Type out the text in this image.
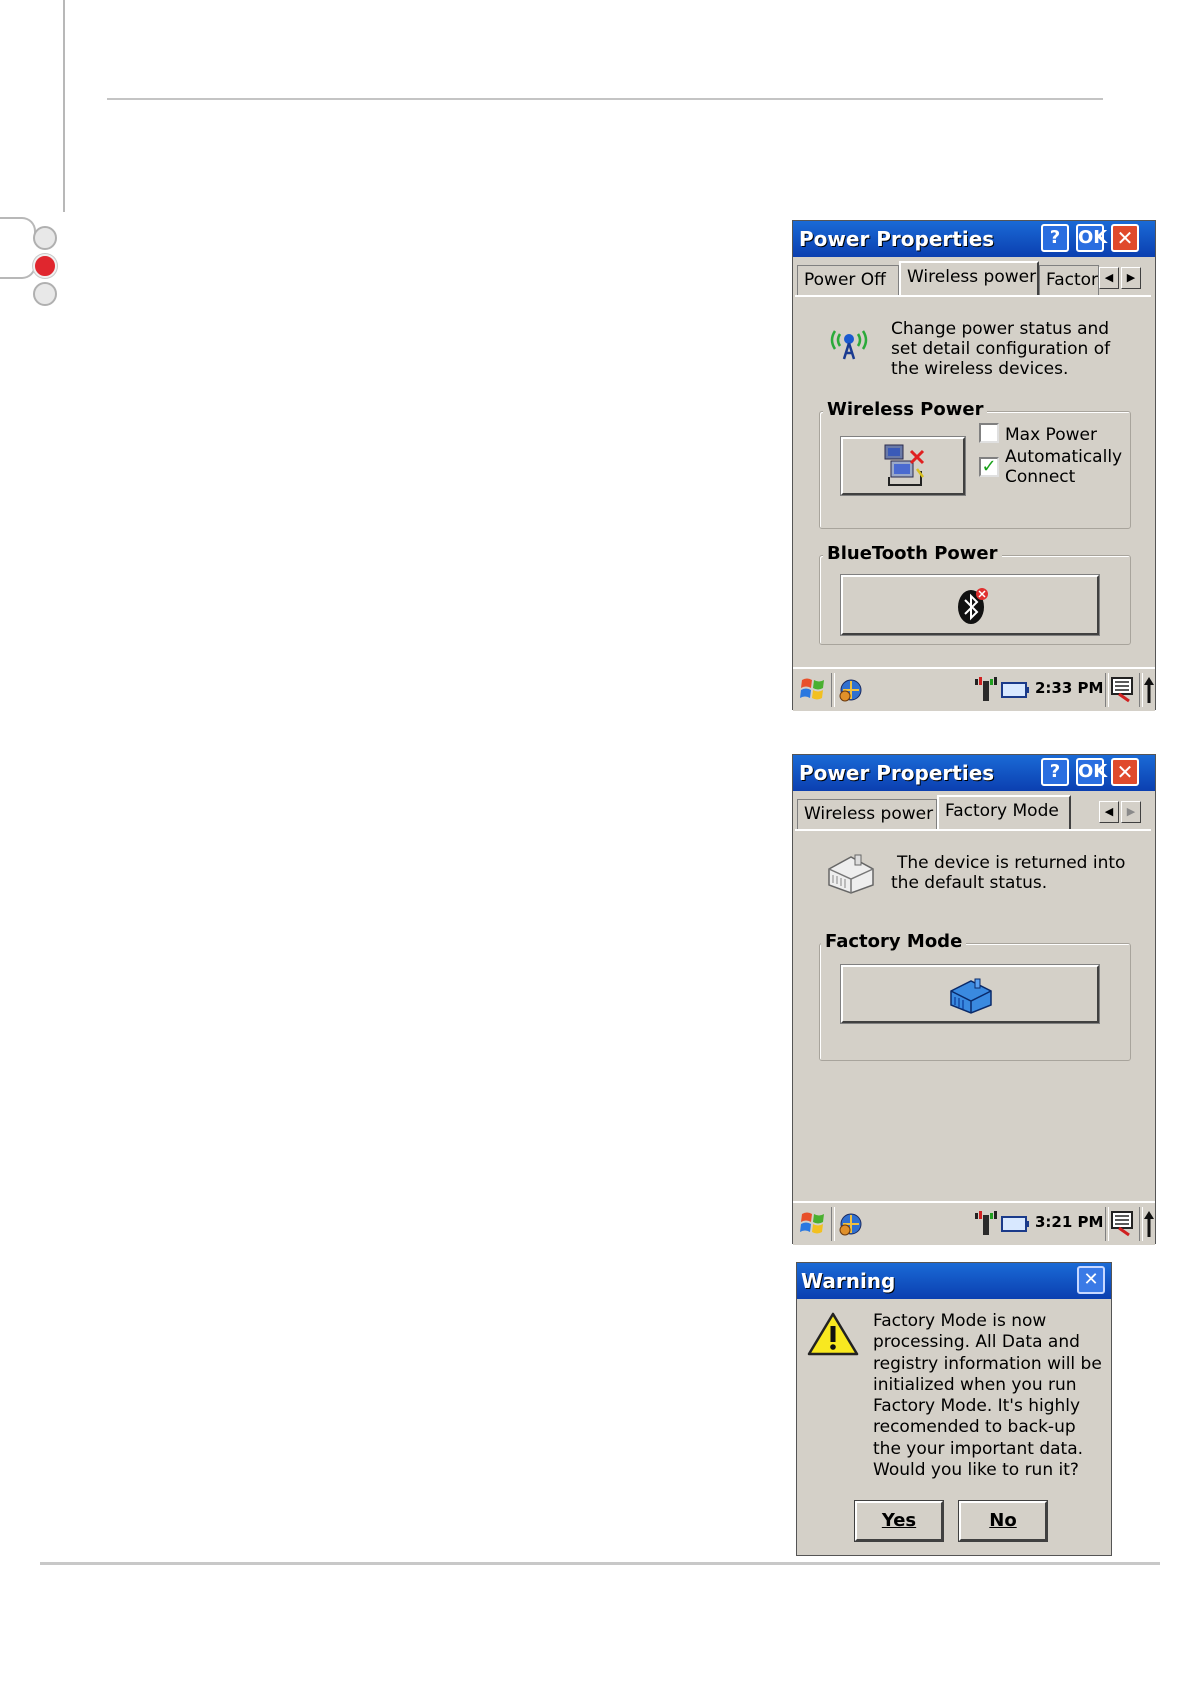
Power Properties	? OK ✕
Power Off	Wireless power Factor ◀	▶
Change power status and
set detail configuration of
the wireless devices.
Wireless Power
Max Power
✓ Automatically
Connect
BlueTooth Power
2:33 PM
Power Properties	? OK ✕
Wireless power Factory Mode	◀	▶
The device is returned into
the default status.
Factory Mode
3:21 PM
Warning	✕
Factory Mode is now
processing. All Data and
registry information will be
initialized when you run
Factory Mode. It's highly
recomended to back-up
the your important data.
Would you like to run it?
Yes	No
